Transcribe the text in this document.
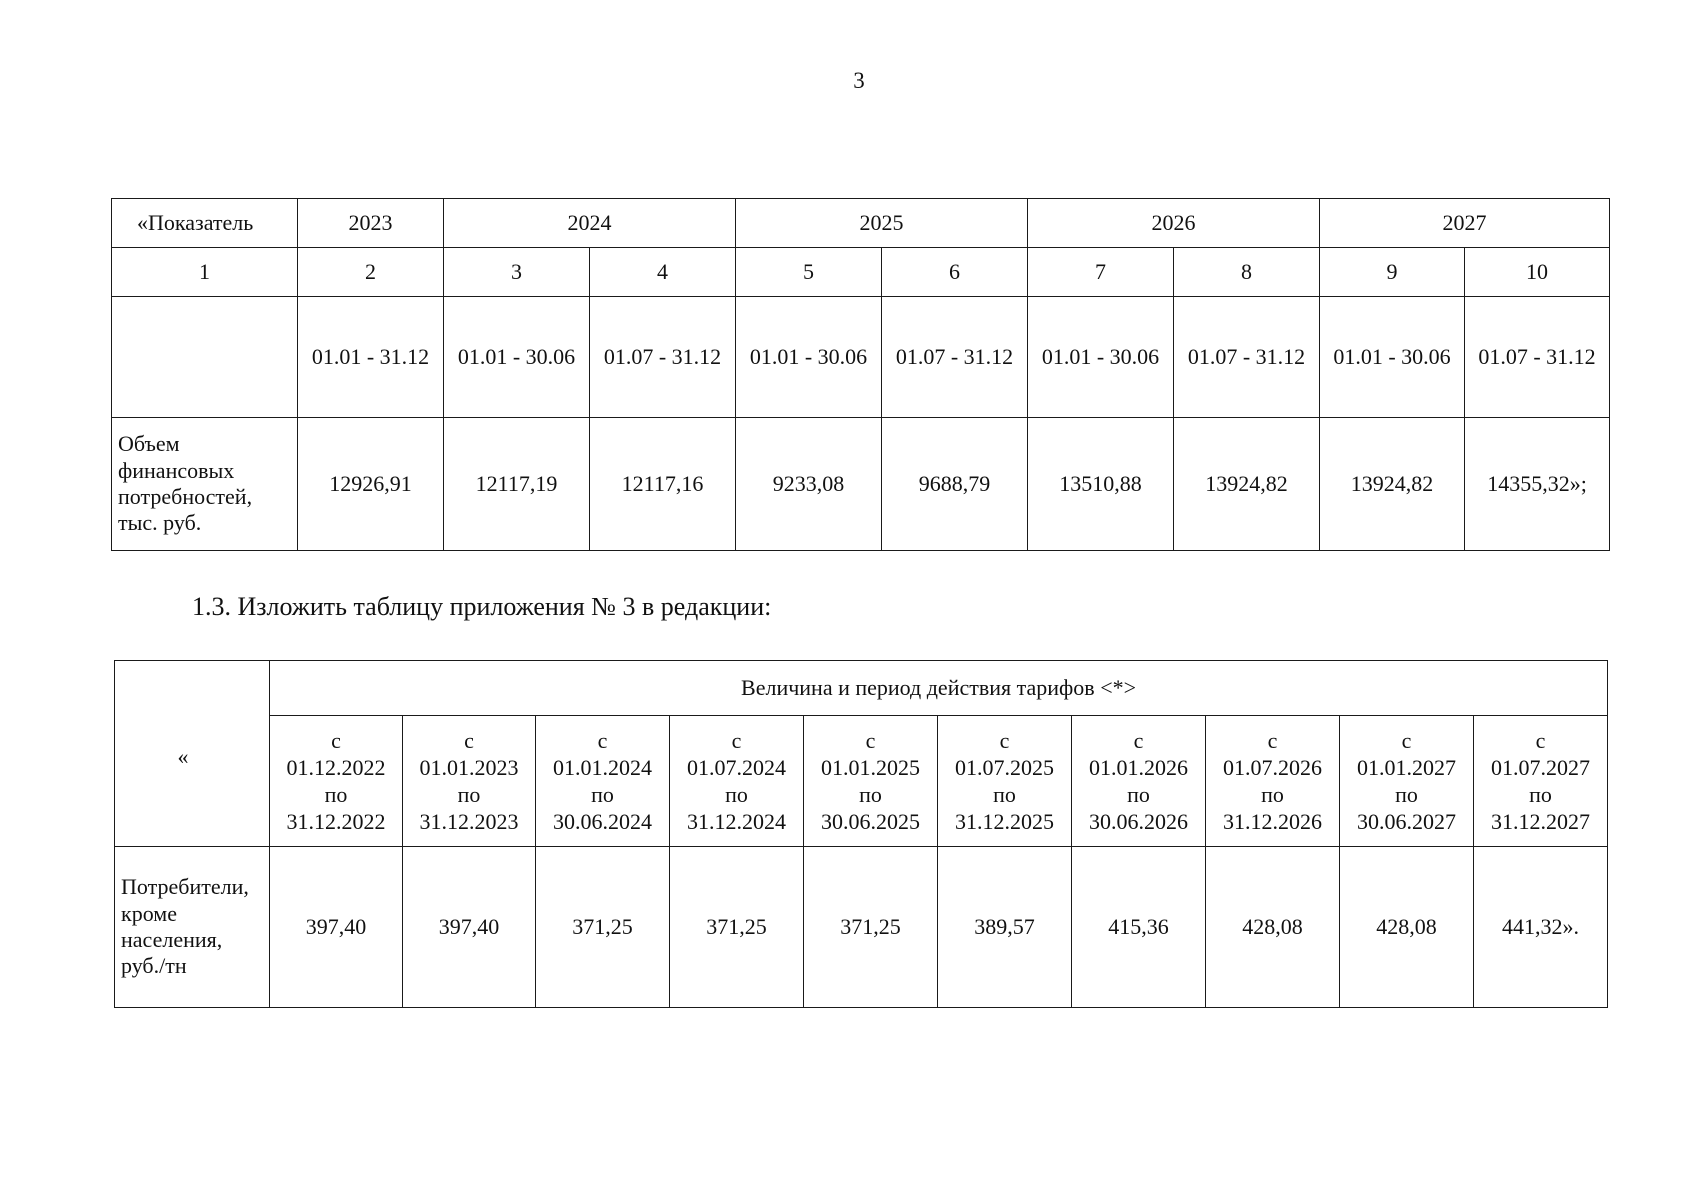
3
«Показатель	2023	2024		2025		2026		2027	
1	2	3	4	5	6	7	8	9	10
	01.01 - 31.12	01.01 - 30.06	01.07 - 31.12	01.01 - 30.06	01.07 - 31.12	01.01 - 30.06	01.07 - 31.12	01.01 - 30.06	01.07 - 31.12

Объем
финансовых
потребностей,
тыс. руб.	12926,91	12117,19	12117,16	9233,08	9688,79	13510,88	13924,82	13924,82	14355,32»;
1.3. Изложить таблицу приложения № 3 в редакции:
«	Величина и период действия тарифов <*>									

	с
01.12.2022
по
31.12.2022	с
01.01.2023
по
31.12.2023	с
01.01.2024
по
30.06.2024	с
01.07.2024
по
31.12.2024	с
01.01.2025
по
30.06.2025	с
01.07.2025
по
31.12.2025	с
01.01.2026
по
30.06.2026	с
01.07.2026
по
31.12.2026	с
01.01.2027
по
30.06.2027	с
01.07.2027
по
31.12.2027

Потребители,
кроме
населения,
руб./тн	397,40	397,40	371,25	371,25	371,25	389,57	415,36	428,08	428,08	441,32».
